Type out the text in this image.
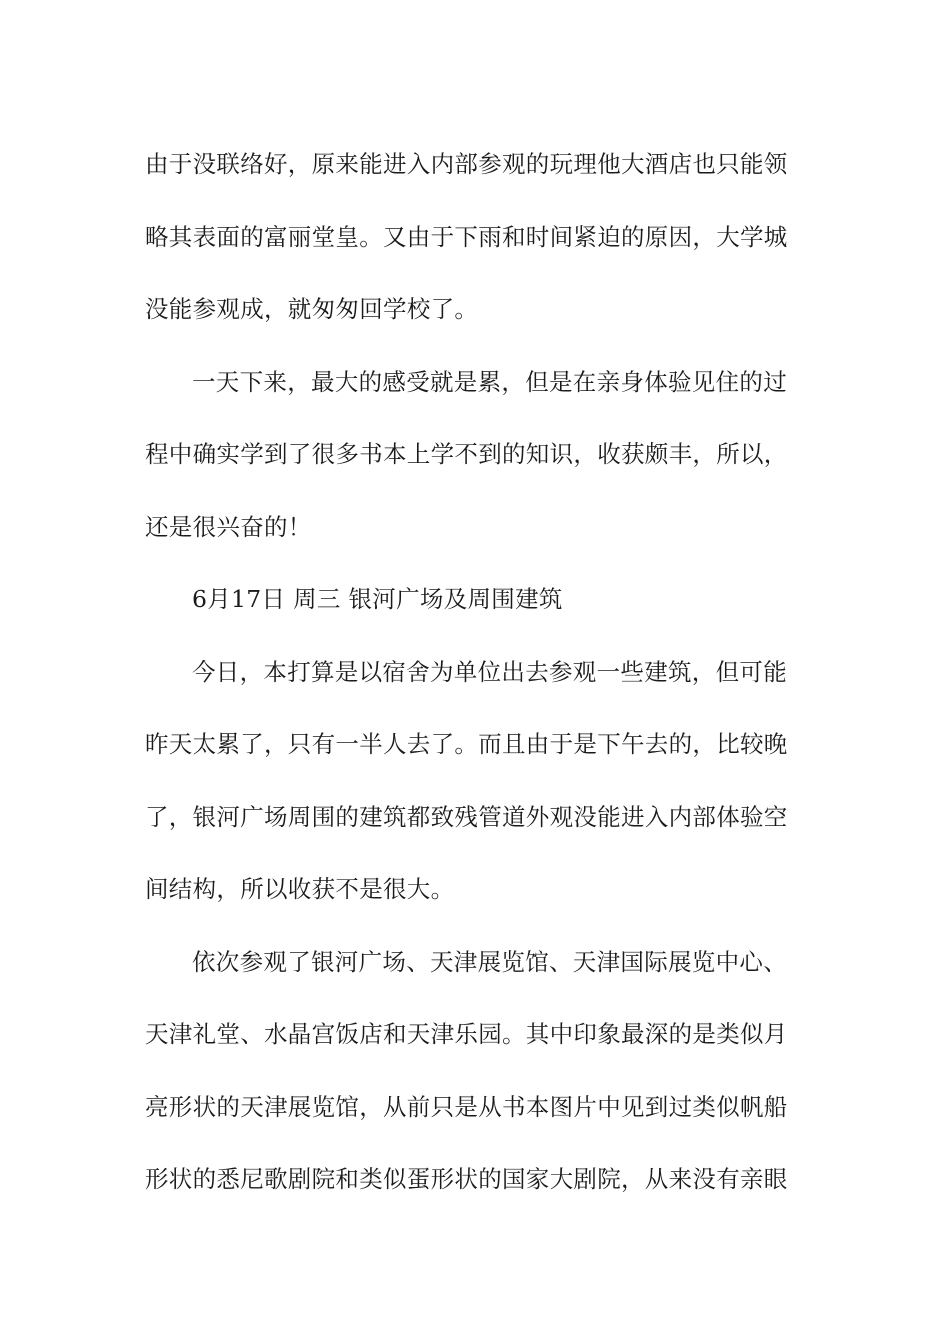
由于没联络好，原来能进入内部参观的玩理他大酒店也只能领
略其表面的富丽堂皇。又由于下雨和时间紧迫的原因，大学城
没能参观成，就匆匆回学校了。
一天下来，最大的感受就是累，但是在亲身体验见住的过
程中确实学到了很多书本上学不到的知识，收获颇丰，所以，
还是很兴奋的！
6月17日 周三 银河广场及周围建筑
今日，本打算是以宿舍为单位出去参观一些建筑，但可能
昨天太累了，只有一半人去了。而且由于是下午去的，比较晚
了，银河广场周围的建筑都致残管道外观没能进入内部体验空
间结构，所以收获不是很大。
依次参观了银河广场、天津展览馆、天津国际展览中心、
天津礼堂、水晶宫饭店和天津乐园。其中印象最深的是类似月
亮形状的天津展览馆，从前只是从书本图片中见到过类似帆船
形状的悉尼歌剧院和类似蛋形状的国家大剧院，从来没有亲眼
